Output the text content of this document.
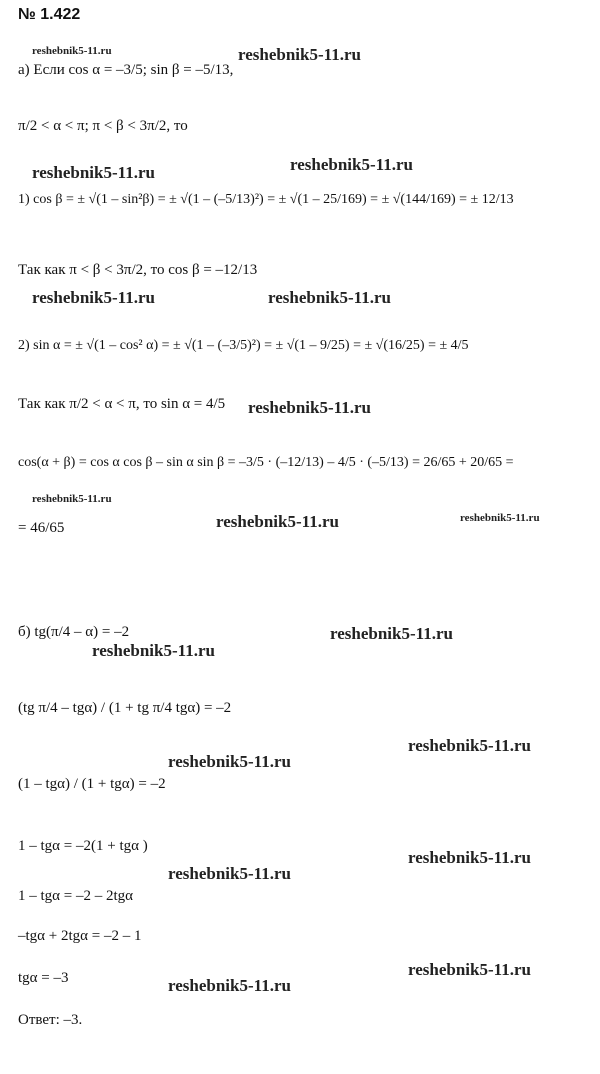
№ 1.422
reshebnik5-11.ru	reshebnik5-11.ru
reshebnik5-11.ru	reshebnik5-11.ru
reshebnik5-11.ru	reshebnik5-11.ru
reshebnik5-11.ru
reshebnik5-11.ru
reshebnik5-11.ru	reshebnik5-11.ru
reshebnik5-11.ru
reshebnik5-11.ru
reshebnik5-11.ru
reshebnik5-11.ru
reshebnik5-11.ru
reshebnik5-11.ru
reshebnik5-11.ru
reshebnik5-11.ru
а) Если cos α = –3/5; sin β = –5/13,
π/2 < α < π; π < β < 3π/2, то
1) cos β = ± √(1 – sin²β) = ± √(1 – (–5/13)²) = ± √(1 – 25/169) = ± √(144/169) = ± 12/13
Так как π < β < 3π/2, то cos β = –12/13
2) sin α = ± √(1 – cos² α) = ± √(1 – (–3/5)²) = ± √(1 – 9/25) = ± √(16/25) = ± 4/5
Так как π/2 < α < π, то sin α = 4/5
cos(α + β) = cos α cos β – sin α sin β = –3/5 · (–12/13) – 4/5 · (–5/13) = 26/65 + 20/65 =
= 46/65
б) tg(π/4 – α) = –2
(tg π/4 – tgα) / (1 + tg π/4 tgα) = –2
(1 – tgα) / (1 + tgα) = –2
1 – tgα = –2(1 + tgα )
1 – tgα = –2 – 2tgα
–tgα + 2tgα = –2 – 1
tgα = –3
Ответ: –3.
